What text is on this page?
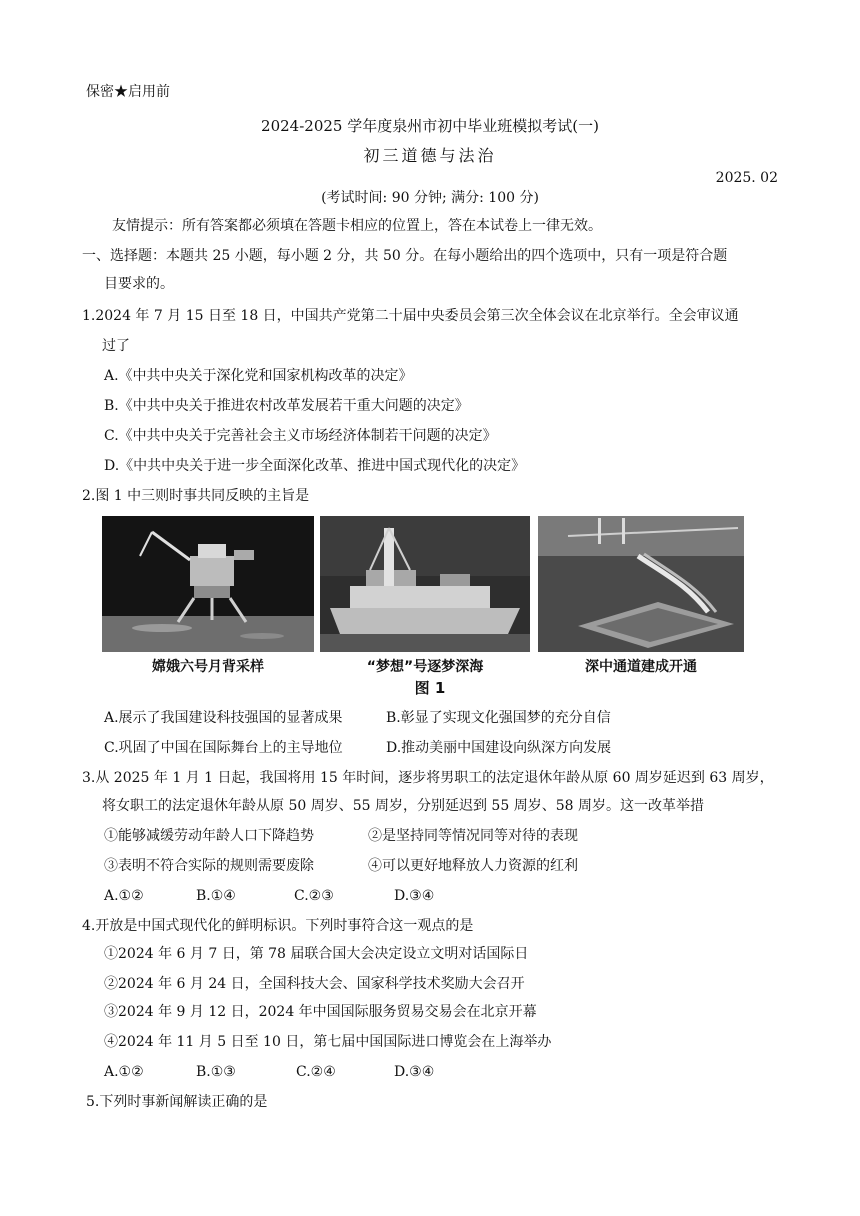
保密★启用前
2024-2025 学年度泉州市初中毕业班模拟考试(一)
初三道德与法治
2025. 02
(考试时间: 90 分钟; 满分: 100 分)
友情提示：所有答案都必须填在答题卡相应的位置上，答在本试卷上一律无效。
一、选择题：本题共 25 小题，每小题 2 分，共 50 分。在每小题给出的四个选项中，只有一项是符合题
目要求的。
1.2024 年 7 月 15 日至 18 日，中国共产党第二十届中央委员会第三次全体会议在北京举行。全会审议通
过了
A.《中共中央关于深化党和国家机构改革的决定》
B.《中共中央关于推进农村改革发展若干重大问题的决定》
C.《中共中央关于完善社会主义市场经济体制若干问题的决定》
D.《中共中央关于进一步全面深化改革、推进中国式现代化的决定》
2.图 1 中三则时事共同反映的主旨是
嫦娥六号月背采样	“梦想”号逐梦深海	深中通道建成开通
图 1
A.展示了我国建设科技强国的显著成果	B.彰显了实现文化强国梦的充分自信
C.巩固了中国在国际舞台上的主导地位	D.推动美丽中国建设向纵深方向发展
3.从 2025 年 1 月 1 日起，我国将用 15 年时间，逐步将男职工的法定退休年龄从原 60 周岁延迟到 63 周岁，
将女职工的法定退休年龄从原 50 周岁、55 周岁，分别延迟到 55 周岁、58 周岁。这一改革举措
①能够减缓劳动年龄人口下降趋势	②是坚持同等情况同等对待的表现
③表明不符合实际的规则需要废除	④可以更好地释放人力资源的红利
A.①②	B.①④	C.②③	D.③④
4.开放是中国式现代化的鲜明标识。下列时事符合这一观点的是
①2024 年 6 月 7 日，第 78 届联合国大会决定设立文明对话国际日
②2024 年 6 月 24 日，全国科技大会、国家科学技术奖励大会召开
③2024 年 9 月 12 日，2024 年中国国际服务贸易交易会在北京开幕
④2024 年 11 月 5 日至 10 日，第七届中国国际进口博览会在上海举办
A.①②	B.①③	C.②④	D.③④
5.下列时事新闻解读正确的是
